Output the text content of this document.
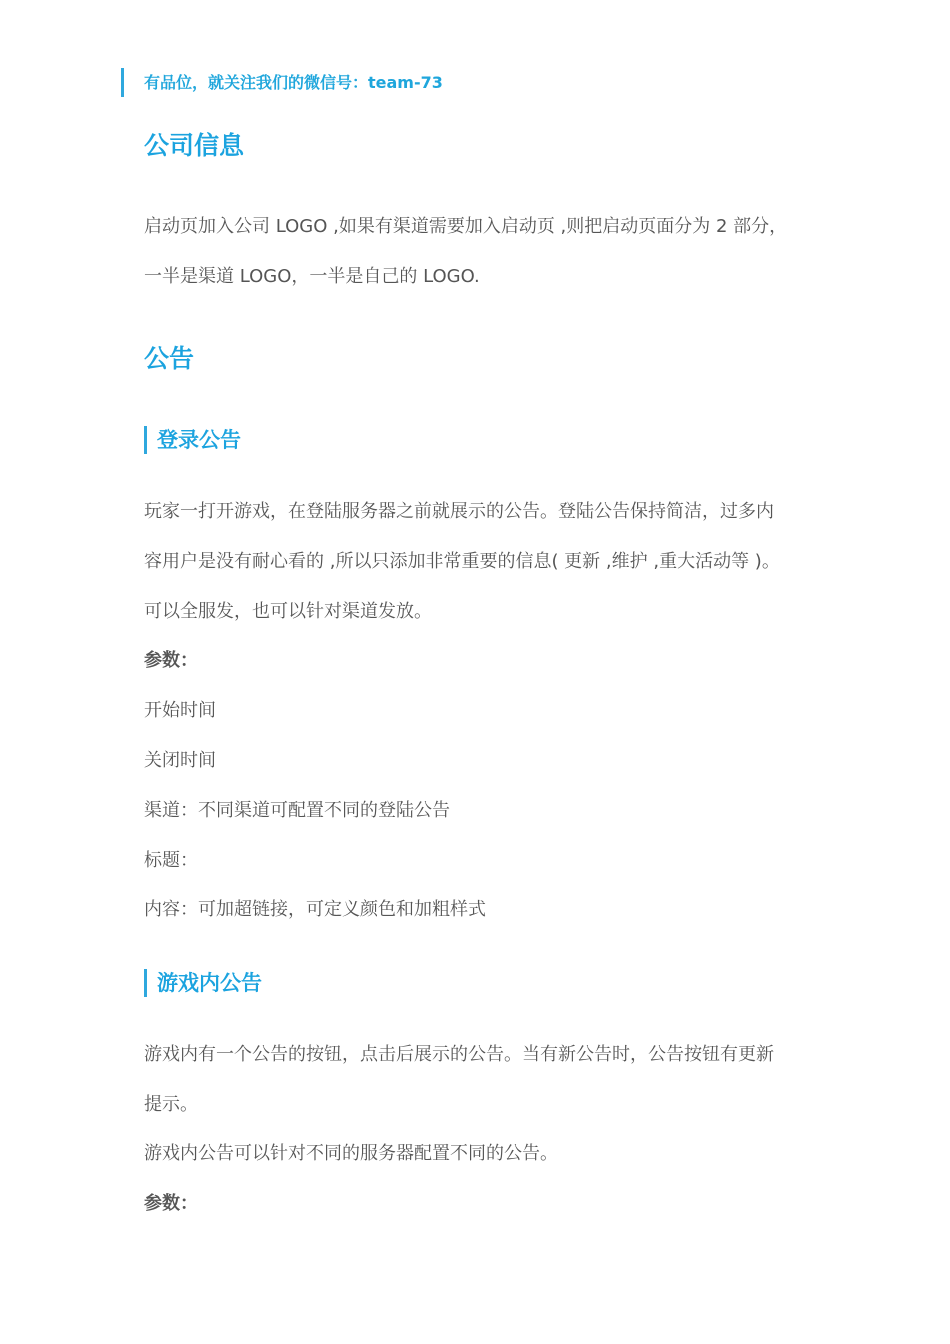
有品位，就关注我们的微信号：team-73
公司信息
启动页加入公司 LOGO ,如果有渠道需要加入启动页 ,则把启动页面分为 2 部分，
一半是渠道 LOGO，一半是自己的 LOGO.
公告
登录公告
玩家一打开游戏，在登陆服务器之前就展示的公告。登陆公告保持简洁，过多内
容用户是没有耐心看的 ,所以只添加非常重要的信息( 更新 ,维护 ,重大活动等 )。
可以全服发，也可以针对渠道发放。
参数：
开始时间
关闭时间
渠道：不同渠道可配置不同的登陆公告
标题：
内容：可加超链接，可定义颜色和加粗样式
游戏内公告
游戏内有一个公告的按钮，点击后展示的公告。当有新公告时，公告按钮有更新
提示。
游戏内公告可以针对不同的服务器配置不同的公告。
参数：
